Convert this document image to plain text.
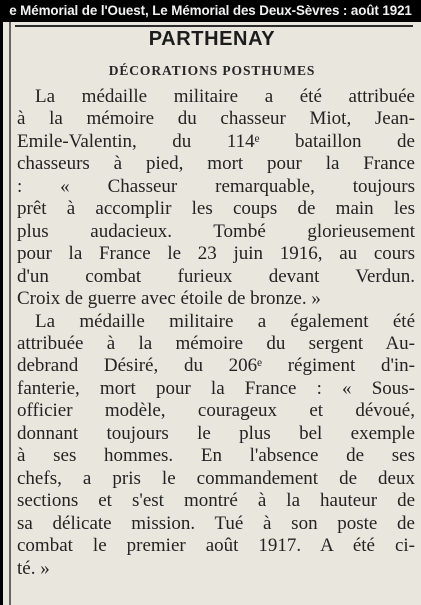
e Mémorial de l'Ouest, Le Mémorial des Deux-Sèvres : août 1921
PARTHENAY
DÉCORATIONS POSTHUMES
La médaille militaire a été attribuée
à la mémoire du chasseur Miot, Jean-
Emile-Valentin, du 114ᵉ bataillon de
chasseurs à pied, mort pour la France
: « Chasseur remarquable, toujours
prêt à accomplir les coups de main les
plus audacieux. Tombé glorieusement
pour la France le 23 juin 1916, au cours
d'un combat furieux devant Verdun.
Croix de guerre avec étoile de bronze. »
La médaille militaire a également été
attribuée à la mémoire du sergent Au-
debrand Désiré, du 206ᵉ régiment d'in-
fanterie, mort pour la France : « Sous-
officier modèle, courageux et dévoué,
donnant toujours le plus bel exemple
à ses hommes. En l'absence de ses
chefs, a pris le commandement de deux
sections et s'est montré à la hauteur de
sa délicate mission. Tué à son poste de
combat le premier août 1917. A été ci-
té. »
